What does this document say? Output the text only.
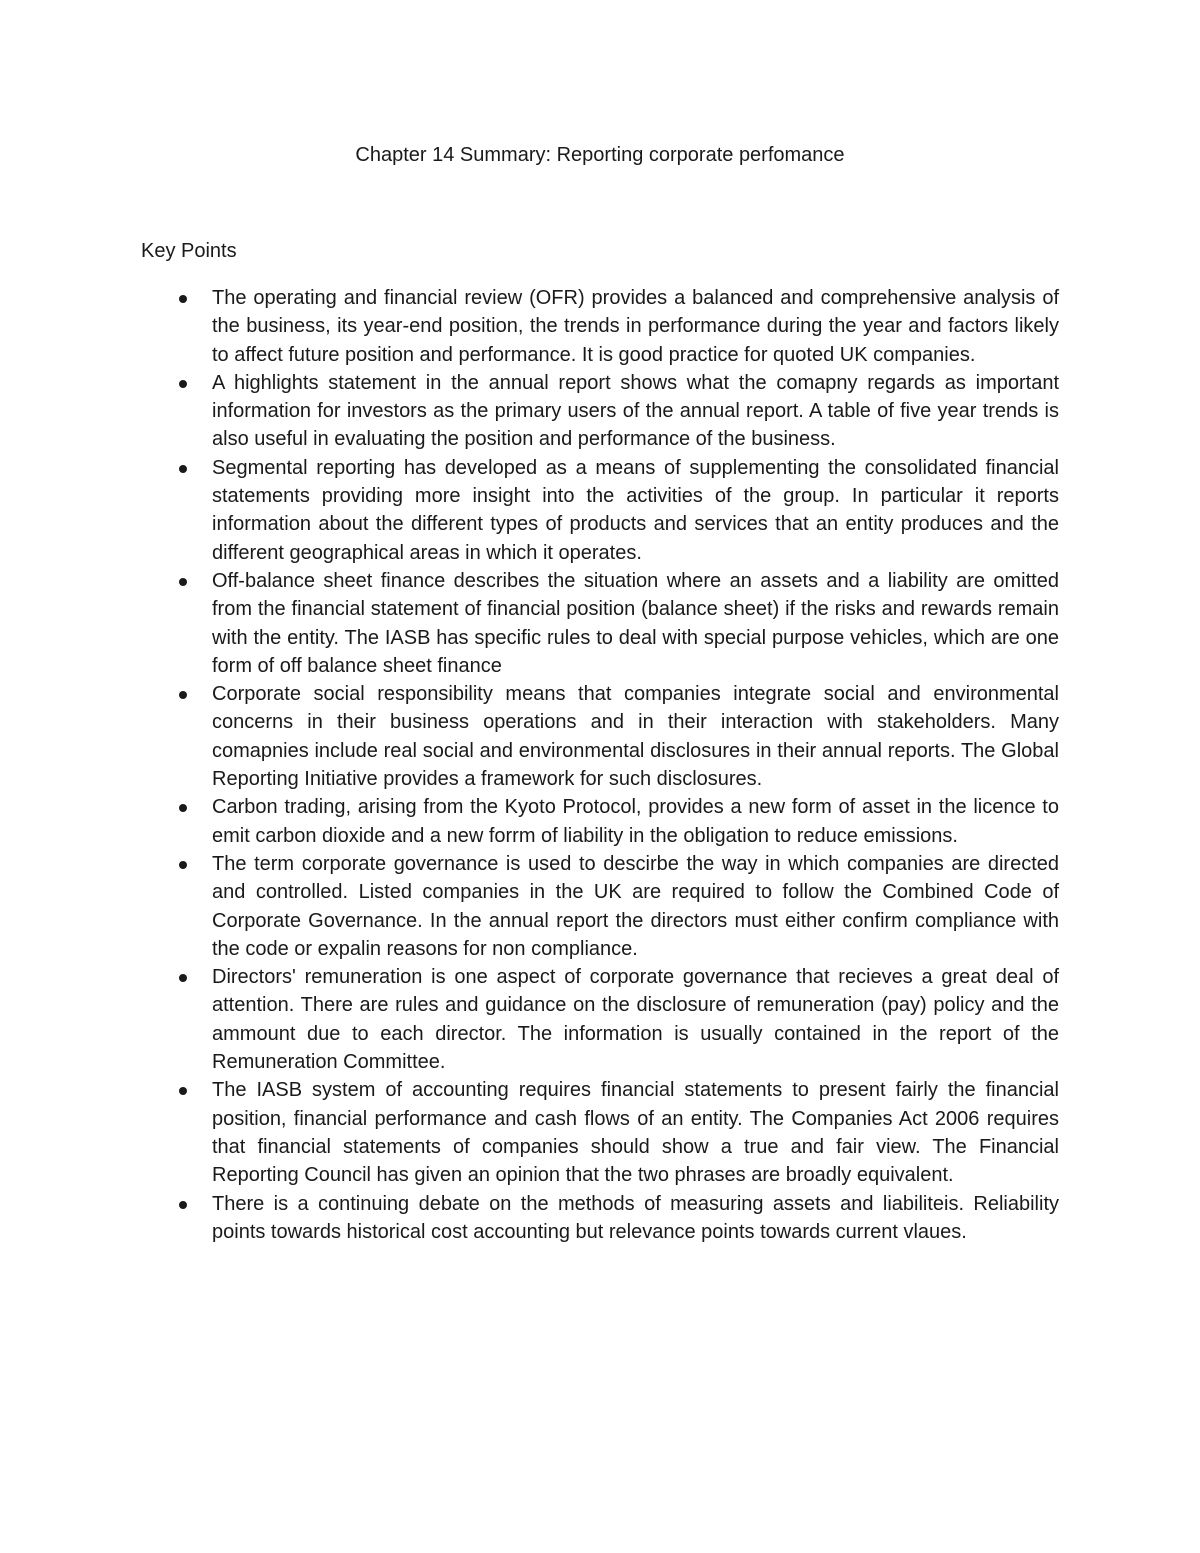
Chapter 14 Summary: Reporting corporate perfomance
Key Points
The operating and financial review (OFR) provides a balanced and comprehensive analysis of the business, its year-end position, the trends in performance during the year and factors likely to affect future position and performance. It is good practice for quoted UK companies.
A highlights statement in the annual report shows what the comapny regards as important information for investors as the primary users of the annual report. A table of five year trends is also useful in evaluating the position and performance of the business.
Segmental reporting has developed as a means of supplementing the consolidated financial statements providing more insight into the activities of the group. In particular it reports information about the different types of products and services that an entity produces and the different geographical areas in which it operates.
Off-balance sheet finance describes the situation where an assets and a liability are omitted from the financial statement of financial position (balance sheet) if the risks and rewards remain with the entity. The IASB has specific rules to deal with special purpose vehicles, which are one form of off balance sheet finance
Corporate social responsibility means that companies integrate social and environmental concerns in their business operations and in their interaction with stakeholders. Many comapnies include real social and environmental disclosures in their annual reports. The Global Reporting Initiative provides a framework for such disclosures.
Carbon trading, arising from the Kyoto Protocol, provides a new form of asset in the licence to emit carbon dioxide and a new forrm of liability in the obligation to reduce emissions.
The term corporate governance is used to descirbe the way in which companies are directed and controlled. Listed companies in the UK are required to follow the Combined Code of Corporate Governance. In the annual report the directors must either confirm compliance with the code or expalin reasons for non compliance.
Directors' remuneration is one aspect of corporate governance that recieves a great deal of attention. There are rules and guidance on the disclosure of remuneration (pay) policy and the ammount due to each director. The information is usually contained in the report of the Remuneration Committee.
The IASB system of accounting requires financial statements to present fairly the financial position, financial performance and cash flows of an entity. The Companies Act 2006 requires that financial statements of companies should show a true and fair view. The Financial Reporting Council has given an opinion that the two phrases are broadly equivalent.
There is a continuing debate on the methods of measuring assets and liabiliteis. Reliability points towards historical cost accounting but relevance points towards current vlaues.
